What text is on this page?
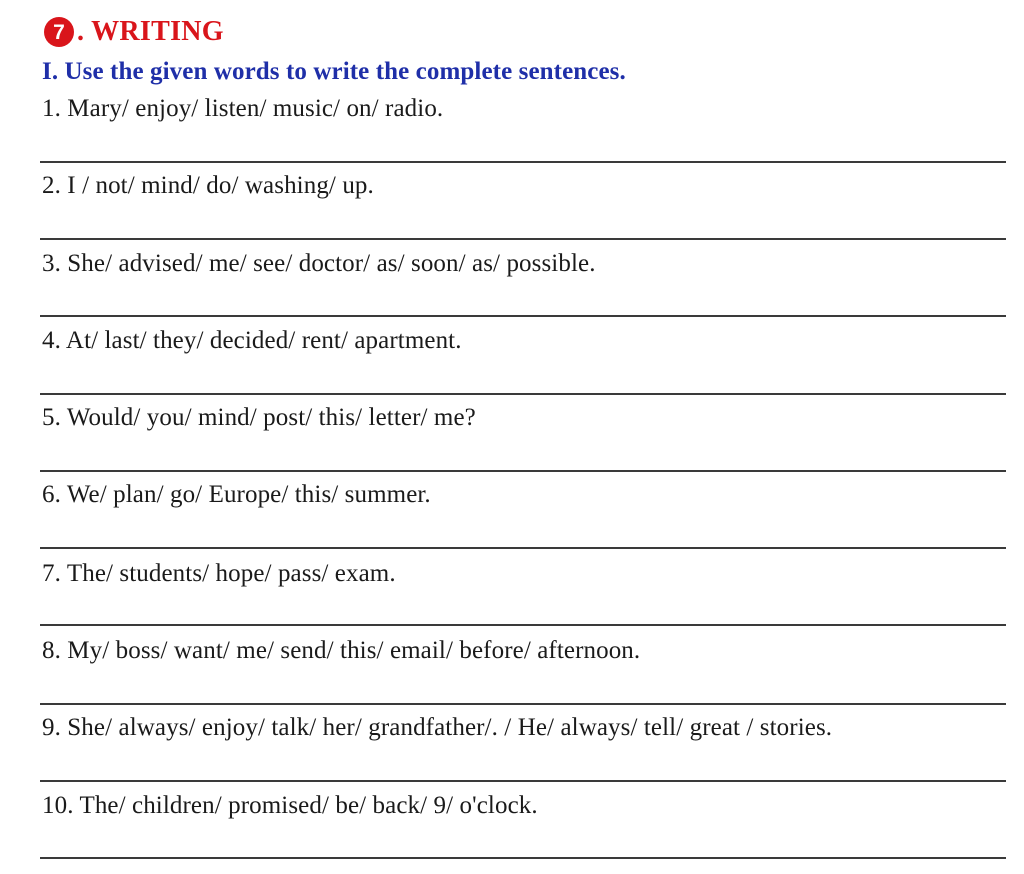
7 . WRITING
I. Use the given words to write the complete sentences.
1. Mary/ enjoy/ listen/ music/ on/ radio.
2. I / not/ mind/ do/ washing/ up.
3. She/ advised/ me/ see/ doctor/ as/ soon/ as/ possible.
4. At/ last/ they/ decided/ rent/ apartment.
5. Would/ you/ mind/ post/ this/ letter/ me?
6. We/ plan/ go/ Europe/ this/ summer.
7. The/ students/ hope/ pass/ exam.
8. My/ boss/ want/ me/ send/ this/ email/ before/ afternoon.
9. She/ always/ enjoy/ talk/ her/ grandfather/. / He/ always/ tell/ great / stories.
10. The/ children/ promised/ be/ back/ 9/ o'clock.
